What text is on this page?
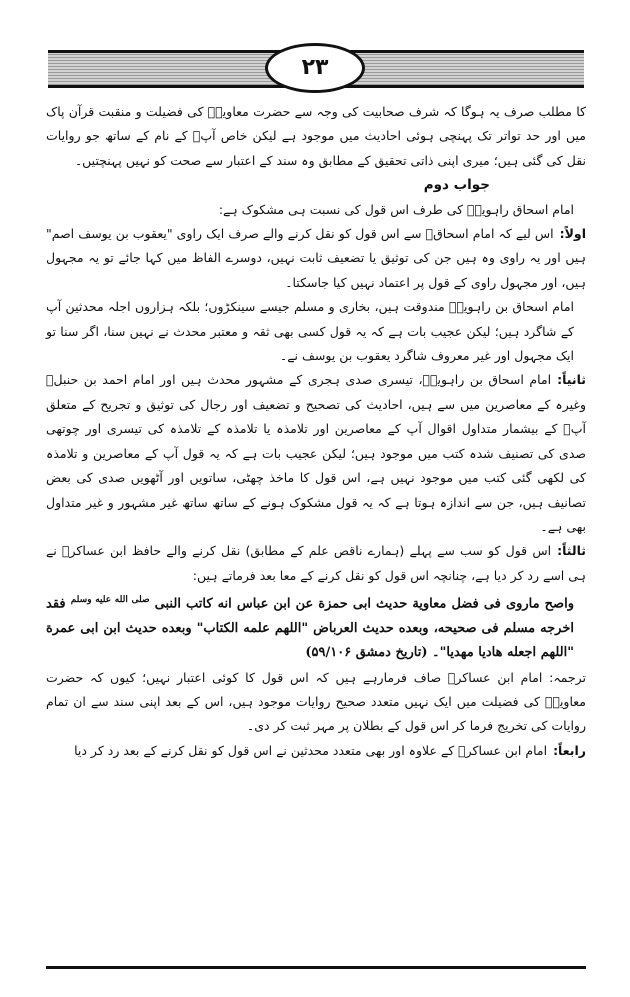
۲۳

کا مطلب صرف یہ ہوگا کہ شرف صحابیت کی وجہ سے حضرت معاویہؓ کی فضیلت و منقبت قرآن پاک میں اور حد تواتر تک پہنچی ہوئی احادیث میں موجود ہے لیکن خاص آپؓ کے نام کے ساتھ جو روایات نقل کی گئی ہیں؛ میری اپنی ذاتی تحقیق کے مطابق وہ سند کے اعتبار سے صحت کو نہیں پہنچتیں۔

جواب دوم

امام اسحاق راہویہؒ کی طرف اس قول کی نسبت ہی مشکوک ہے:

اولاً:اس لیے کہ امام اسحاقؒ سے اس قول کو نقل کرنے والے صرف ایک راوی "یعقوب بن یوسف اصم" ہیں اور یہ راوی وہ ہیں جن کی توثیق یا تضعیف ثابت نہیں، دوسرے الفاظ میں کہا جائے تو یہ مجہول ہیں، اور مجہول راوی کے قول پر اعتماد نہیں کیا جاسکتا۔

امام اسحاق بن راہویہؒ مندوقت ہیں، بخاری و مسلم جیسے سینکڑوں؛ بلکہ ہزاروں اجلہ محدثین آپ کے شاگرد ہیں؛ لیکن عجیب بات ہے کہ یہ قول کسی بھی ثقہ و معتبر محدث نے نہیں سنا، اگر سنا تو ایک مجہول اور غیر معروف شاگرد یعقوب بن یوسف نے۔

ثانیاً:امام اسحاق بن راہویہؒ، تیسری صدی ہجری کے مشہور محدث ہیں اور امام احمد بن حنبلؒ وغیرہ کے معاصرین میں سے ہیں، احادیث کی تصحیح و تضعیف اور رجال کی توثیق و تجریح کے متعلق آپؒ کے بیشمار متداول اقوال آپ کے معاصرین اور تلامذہ یا تلامذہ کے تلامذہ کی تیسری اور چوتھی صدی کی تصنیف شدہ کتب میں موجود ہیں؛ لیکن عجیب بات ہے کہ یہ قول آپ کے معاصرین و تلامذہ کی لکھی گئی کتب میں موجود نہیں ہے، اس قول کا ماخذ چھٹی، ساتویں اور آٹھویں صدی کی بعض تصانیف ہیں، جن سے اندازہ ہوتا ہے کہ یہ قول مشکوک ہونے کے ساتھ ساتھ غیر مشہور و غیر متداول بھی ہے۔

ثالثاً:اس قول کو سب سے پہلے (ہمارے ناقص علم کے مطابق) نقل کرنے والے حافظ ابن عساکرؒ نے ہی اسے رد کر دیا ہے، چنانچہ اس قول کو نقل کرنے کے معا بعد فرماتے ہیں:

واصح ماروى فى فضل معاوية حديث ابى حمزة عن ابن عباس انه كاتب النبى $^{صلى الله عليه وسلم}$ فقد اخرجه مسلم فى صحيحه، وبعده حديث العرباض "اللهم علمه الكتاب" وبعده حديث ابن ابى عمرة "اللهم اجعله هاديا مهديا"۔ (تاریخ دمشق ۵۹/۱۰۶)

ترجمہ: امام ابن عساکرؒ صاف فرمارہے ہیں کہ اس قول کا کوئی اعتبار نہیں؛ کیوں کہ حضرت معاویہؓ کی فضیلت میں ایک نہیں متعدد صحیح روایات موجود ہیں، اس کے بعد اپنی سند سے ان تمام روایات کی تخریج فرما کر اس قول کے بطلان پر مہر ثبت کر دی۔

رابعاً:امام ابن عساکرؒ کے علاوہ اور بھی متعدد محدثین نے اس قول کو نقل کرنے کے بعد رد کر دیا
